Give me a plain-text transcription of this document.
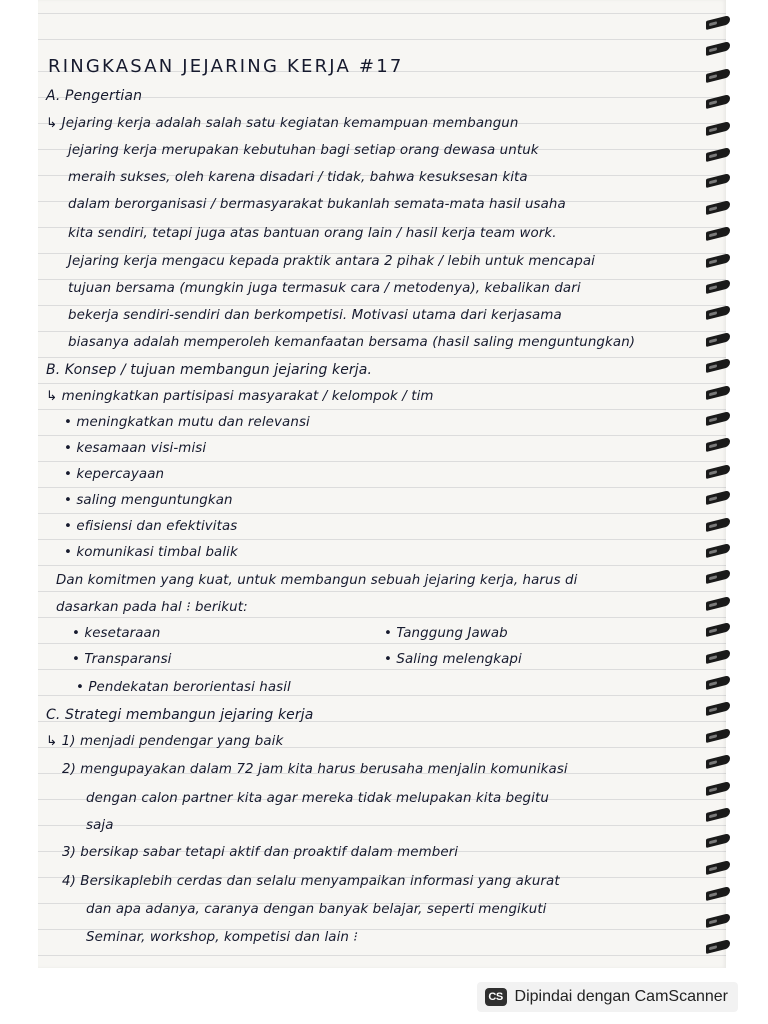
RINGKASAN JEJARING KERJA #17
A. Pengertian
↳ Jejaring kerja adalah salah satu kegiatan kemampuan membangun
jejaring kerja merupakan kebutuhan bagi setiap orang dewasa untuk
meraih sukses, oleh karena disadari / tidak, bahwa kesuksesan kita
dalam berorganisasi / bermasyarakat bukanlah semata-mata hasil usaha
kita sendiri, tetapi juga atas bantuan orang lain / hasil kerja team work.
Jejaring kerja mengacu kepada praktik antara 2 pihak / lebih untuk mencapai
tujuan bersama (mungkin juga termasuk cara / metodenya), kebalikan dari
bekerja sendiri-sendiri dan berkompetisi. Motivasi utama dari kerjasama
biasanya adalah memperoleh kemanfaatan bersama (hasil saling menguntungkan)
B. Konsep / tujuan membangun jejaring kerja.
↳ meningkatkan partisipasi masyarakat / kelompok / tim
• meningkatkan mutu dan relevansi
• kesamaan visi-misi
• kepercayaan
• saling menguntungkan
• efisiensi dan efektivitas
• komunikasi timbal balik
Dan komitmen yang kuat, untuk membangun sebuah jejaring kerja, harus di
dasarkan pada hal ⁝ berikut:
• kesetaraan
• Transparansi
• Pendekatan berorientasi hasil
• Tanggung Jawab
• Saling melengkapi
C. Strategi membangun jejaring kerja
↳ 1) menjadi pendengar yang baik
2) mengupayakan dalam 72 jam kita harus berusaha menjalin komunikasi
dengan calon partner kita agar mereka tidak melupakan kita begitu
saja
3) bersikap sabar tetapi aktif dan proaktif dalam memberi
4) Bersikaplebih cerdas dan selalu menyampaikan informasi yang akurat
dan apa adanya, caranya dengan banyak belajar, seperti mengikuti
Seminar, workshop, kompetisi dan lain ⁝
CS Dipindai dengan CamScanner
